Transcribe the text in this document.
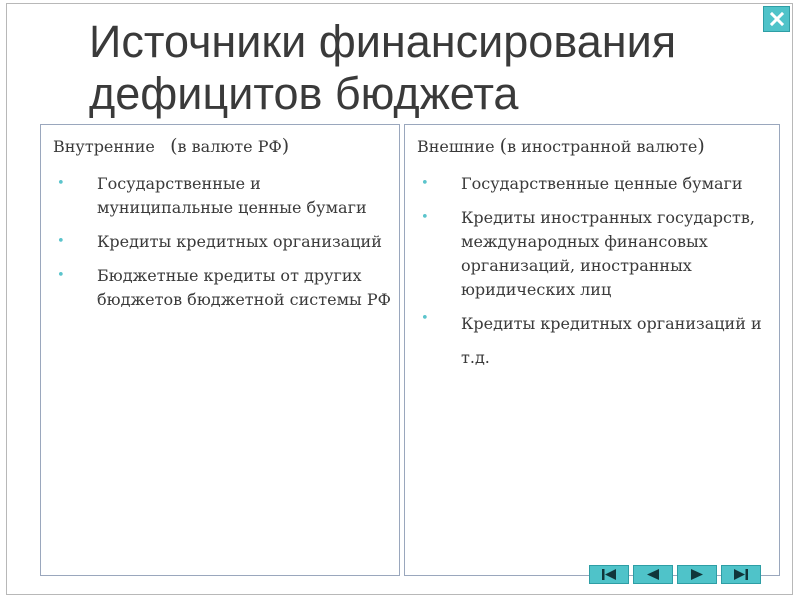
Источники финансирования
дефицитов бюджета
Внутренние (в валюте РФ)
• Государственные и муниципальные ценные бумаги
• Кредиты кредитных организаций
• Бюджетные кредиты от других бюджетов бюджетной системы РФ
Внешние (в иностранной валюте)
• Государственные ценные бумаги
• Кредиты иностранных государств, международных финансовых организаций, иностранных юридических лиц
• Кредиты кредитных организаций и т.д.
